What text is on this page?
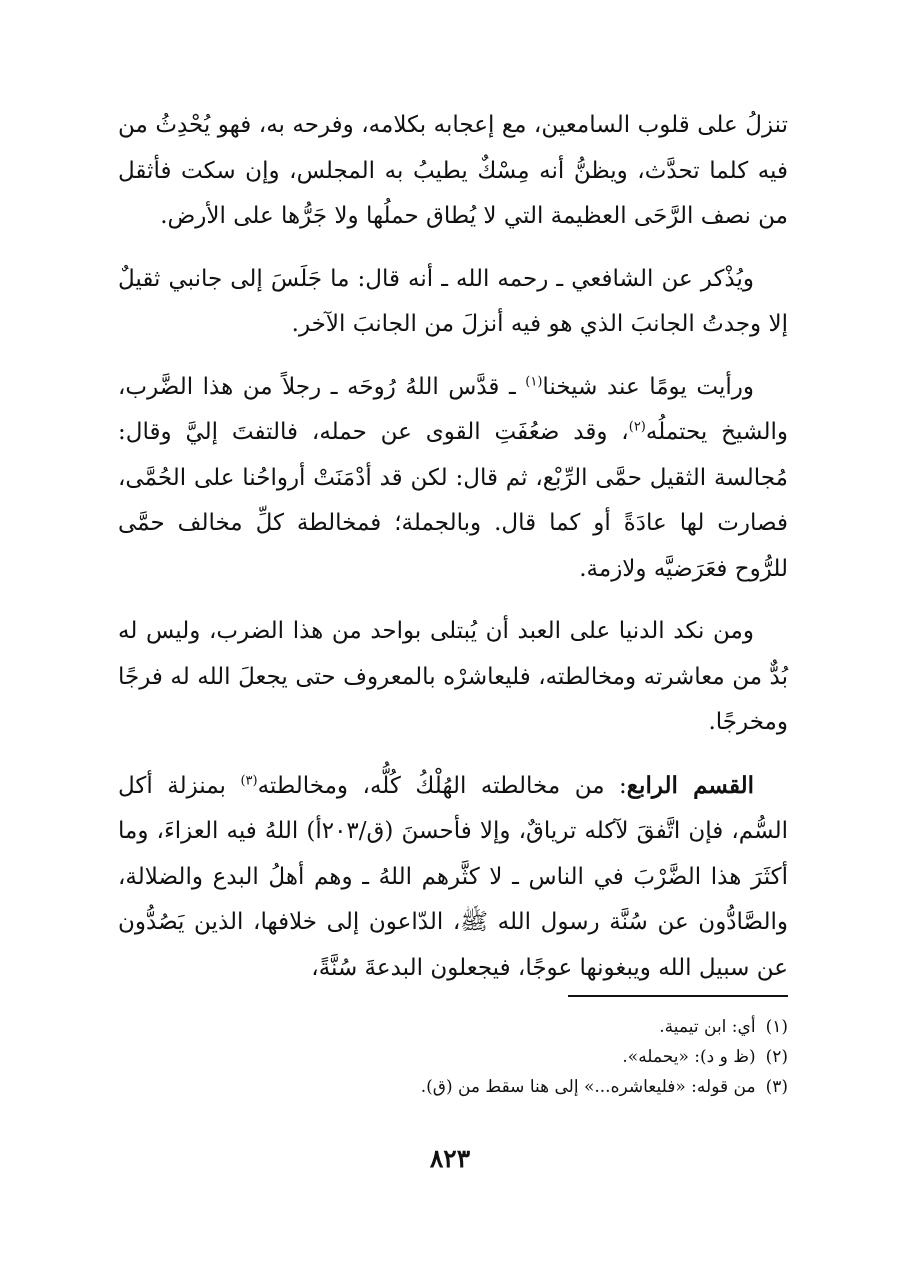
تنزلُ على قلوب السامعين، مع إعجابه بكلامه، وفرحه به، فهو يُحْدِثُ من فيه كلما تحدَّث، ويظنُّ أنه مِسْكٌ يطيبُ به المجلس، وإن سكت فأثقل من نصف الرَّحَى العظيمة التي لا يُطاق حملُها ولا جَرُّها على الأرض.

ويُذْكر عن الشافعي ـ رحمه الله ـ أنه قال: ما جَلَسَ إلى جانبي ثقيلٌ إلا وجدتُ الجانبَ الذي هو فيه أنزلَ من الجانبَ الآخر.

ورأيت يومًا عند شيخنا$^{(١)}$ ـ قدَّس اللهُ رُوحَه ـ رجلاً من هذا الضَّرب، والشيخ يحتملُه$^{(٢)}$، وقد ضعُفَتِ القوى عن حمله، فالتفتَ إليَّ وقال: مُجالسة الثقيل حمَّى الرِّبْع، ثم قال: لكن قد أدْمَنَتْ أرواحُنا على الحُمَّى، فصارت لها عادَةً أو كما قال. وبالجملة؛ فمخالطة كلِّ مخالف حمَّى للرُّوح فعَرَضيَّه ولازمة.

ومن نكد الدنيا على العبد أن يُبتلى بواحد من هذا الضرب، وليس له بُدٌّ من معاشرته ومخالطته، فليعاشرْه بالمعروف حتى يجعلَ الله له فرجًا ومخرجًا.

القسم الرابع: من مخالطته الهُلْكُ كُلُّه، ومخالطته$^{(٣)}$ بمنزلة أكل السُّم، فإن اتَّفقَ لآكله ترياقٌ، وإلا فأحسنَ (ق/٢٠٣أ) اللهُ فيه العزاءَ، وما أكثَرَ هذا الضَّرْبَ في الناس ـ لا كثَّرهم اللهُ ـ وهم أهلُ البدع والضلالة، والصَّادُّون عن سُنَّة رسول الله ﷺ، الدّاعون إلى خلافها، الذين يَصُدُّون عن سبيل الله ويبغونها عوجًا، فيجعلون البدعةَ سُنَّةً،

(١)أي: ابن تيمية.

(٢)(ظ و د): «يحمله».

(٣)من قوله: «فليعاشره...» إلى هنا سقط من (ق).

٨٢٣
